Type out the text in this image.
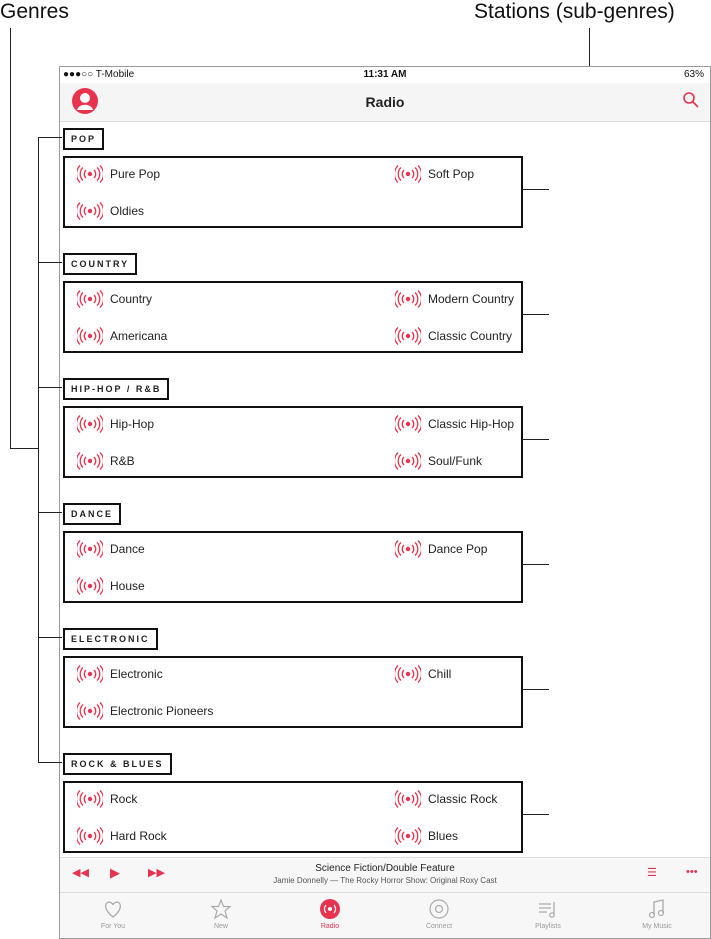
Genres	Stations (sub-genres)
●●●○○ T-Mobile	11:31 AM	63%
Radio
POP
Pure Pop	Soft Pop
Oldies
COUNTRY
Country	Modern Country
Americana	Classic Country
HIP-HOP / R&B
Hip-Hop	Classic Hip-Hop
R&B	Soul/Funk
DANCE
Dance	Dance Pop
House
ELECTRONIC
Electronic	Chill
Electronic Pioneers
ROCK & BLUES
Rock	Classic Rock
Hard Rock	Blues
◀◀ ▶	▶▶	Science Fiction/Double Feature
Jamie Donnelly — The Rocky Horror Show: Original Roxy Cast
☰	•••
For You	New	Radio	Connect	Playlists	My Music
